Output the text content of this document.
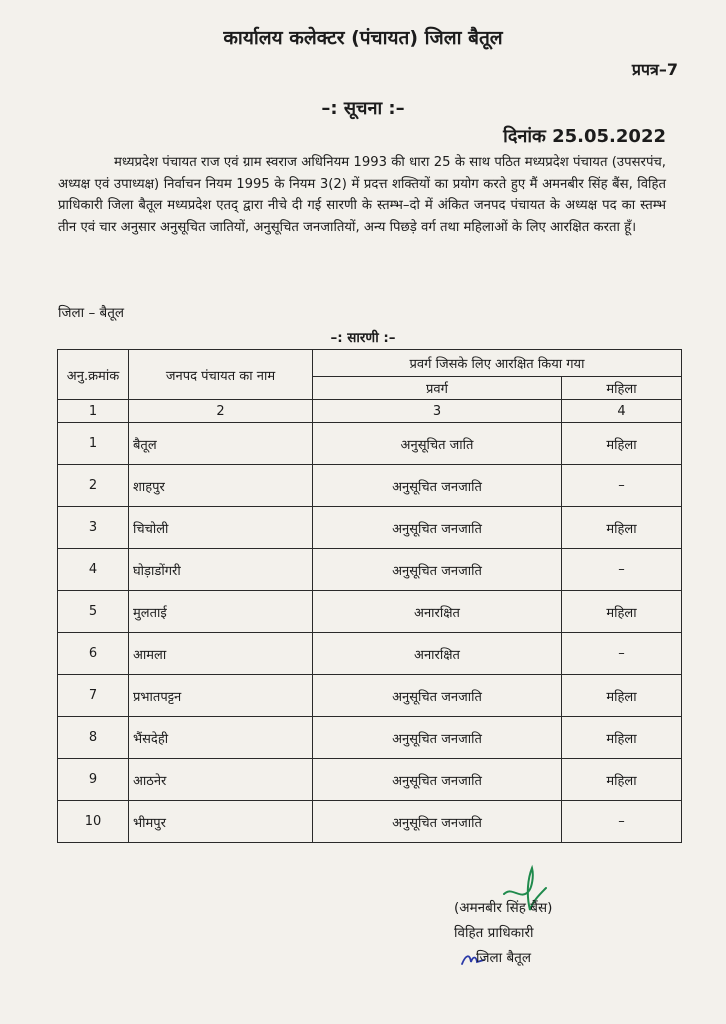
कार्यालय कलेक्टर (पंचायत) जिला बैतूल
प्रपत्र–7
–: सूचना :–
दिनांक 25.05.2022

मध्यप्रदेश पंचायत राज एवं ग्राम स्वराज अधिनियम 1993 की धारा 25 के साथ पठित मध्यप्रदेश पंचायत (उपसरपंच, अध्यक्ष एवं उपाध्यक्ष) निर्वाचन नियम 1995 के नियम 3(2) में प्रदत्त शक्तियों का प्रयोग करते हुए मैं अमनबीर सिंह बैंस, विहित प्राधिकारी जिला बैतूल मध्यप्रदेश एतद् द्वारा नीचे दी गई सारणी के स्तम्भ–दो में अंकित जनपद पंचायत के अध्यक्ष पद का स्तम्भ तीन एवं चार अनुसार अनुसूचित जातियों, अनुसूचित जनजातियों, अन्य पिछड़े वर्ग तथा महिलाओं के लिए आरक्षित करता हूँ।

जिला – बैतूल
–: सारणी :–
अनु.क्रमांक	जनपद पंचायत का नाम	प्रवर्ग जिसके लिए आरक्षित किया गया	
		प्रवर्ग	महिला
1	2	3	4
1	बैतूल	अनुसूचित जाति	महिला
2	शाहपुर	अनुसूचित जनजाति	–
3	चिचोली	अनुसूचित जनजाति	महिला
4	घोड़ाडोंगरी	अनुसूचित जनजाति	–
5	मुलताई	अनारक्षित	महिला
6	आमला	अनारक्षित	–
7	प्रभातपट्टन	अनुसूचित जनजाति	महिला
8	भैंसदेही	अनुसूचित जनजाति	महिला
9	आठनेर	अनुसूचित जनजाति	महिला
10	भीमपुर	अनुसूचित जनजाति	–
(अमनबीर सिंह बैंस)
विहित प्राधिकारी
जिला बैतूल
